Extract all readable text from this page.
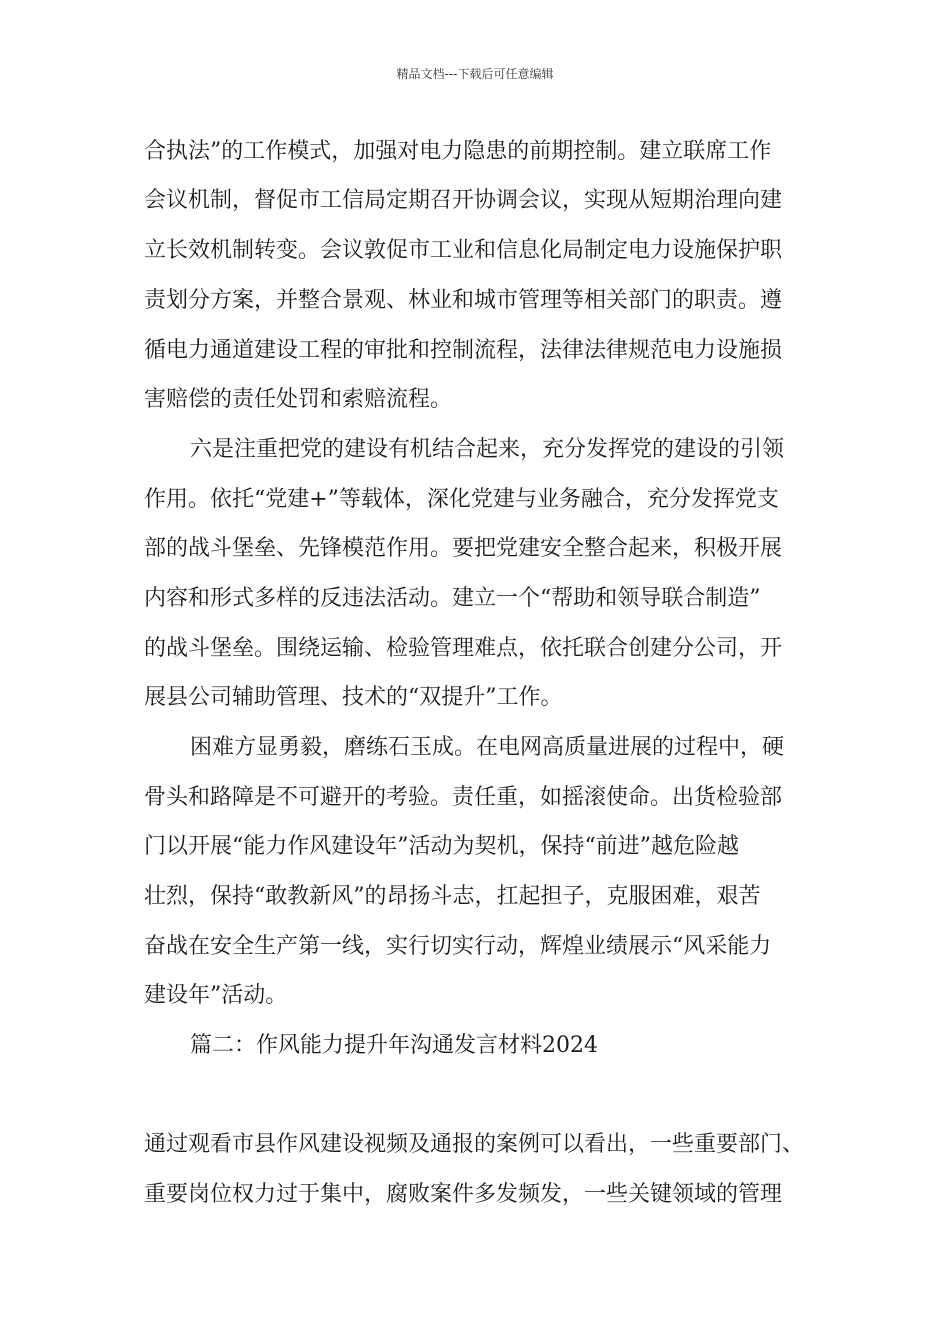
精品文档---下载后可任意编辑
合执法”的工作模式，加强对电力隐患的前期控制。建立联席工作
会议机制，督促市工信局定期召开协调会议，实现从短期治理向建
立长效机制转变。会议敦促市工业和信息化局制定电力设施保护职
责划分方案，并整合景观、林业和城市管理等相关部门的职责。遵
循电力通道建设工程的审批和控制流程，法律法律规范电力设施损
害赔偿的责任处罚和索赔流程。
六是注重把党的建设有机结合起来，充分发挥党的建设的引领
作用。依托“党建+”等载体，深化党建与业务融合，充分发挥党支
部的战斗堡垒、先锋模范作用。要把党建安全整合起来，积极开展
内容和形式多样的反违法活动。建立一个“帮助和领导联合制造”
的战斗堡垒。围绕运输、检验管理难点，依托联合创建分公司，开
展县公司辅助管理、技术的“双提升”工作。
困难方显勇毅，磨练石玉成。在电网高质量进展的过程中，硬
骨头和路障是不可避开的考验。责任重，如摇滚使命。出货检验部
门以开展“能力作风建设年”活动为契机，保持“前进”越危险越
壮烈，保持“敢教新风”的昂扬斗志，扛起担子，克服困难，艰苦
奋战在安全生产第一线，实行切实行动，辉煌业绩展示“风采能力
建设年”活动。
篇二：作风能力提升年沟通发言材料2024
通过观看市县作风建设视频及通报的案例可以看出，一些重要部门、
重要岗位权力过于集中，腐败案件多发频发，一些关键领域的管理
